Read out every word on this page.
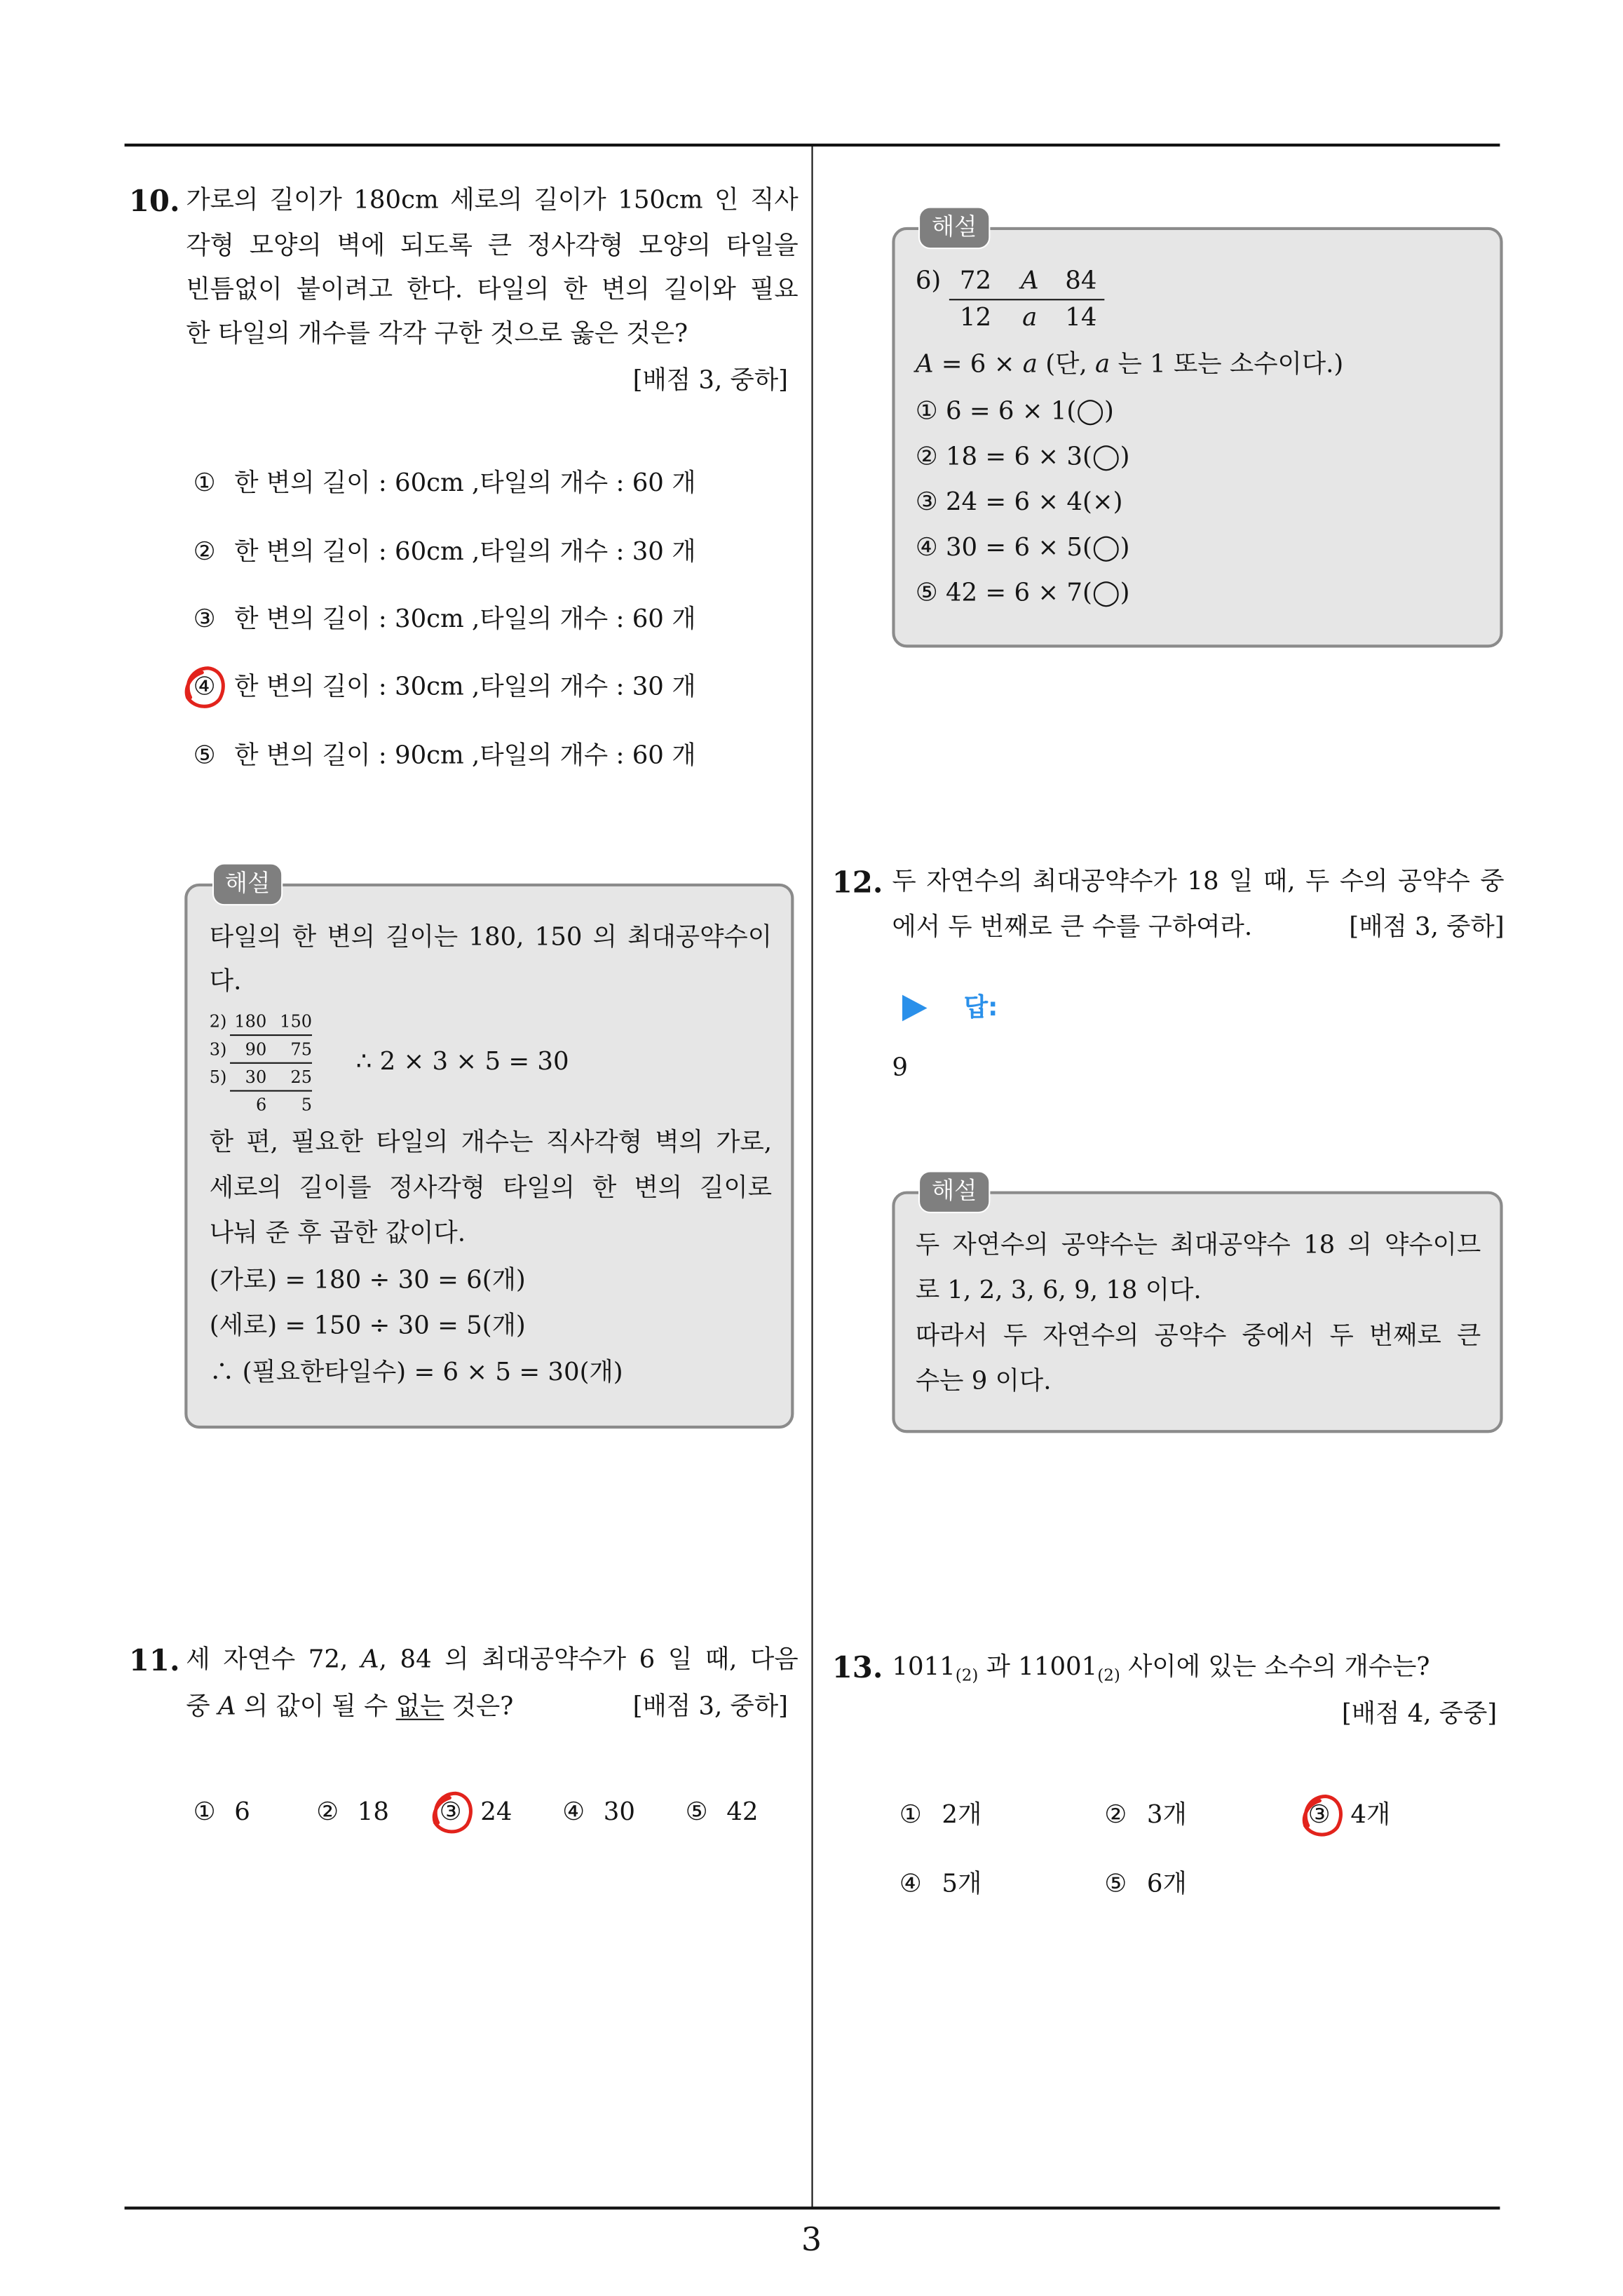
3
10. 가로의 길이가 180cm 세로의 길이가 150cm 인 직사
각형 모양의 벽에 되도록 큰 정사각형 모양의 타일을
빈틈없이 붙이려고 한다. 타일의 한 변의 길이와 필요
한 타일의 개수를 각각 구한 것으로 옳은 것은?
[배점 3, 중하]
① 한 변의 길이 : 60cm ,타일의 개수 : 60 개
② 한 변의 길이 : 60cm ,타일의 개수 : 30 개
③ 한 변의 길이 : 30cm ,타일의 개수 : 60 개
④ 한 변의 길이 : 30cm ,타일의 개수 : 30 개
⑤ 한 변의 길이 : 90cm ,타일의 개수 : 60 개
해설
타일의 한 변의 길이는 180, 150 의 최대공약수이
다.
2) 180 150
3) 90	75
5) 30	25
6	5
∴ 2 × 3 × 5 = 30
한 편, 필요한 타일의 개수는 직사각형 벽의 가로,
세로의 길이를 정사각형 타일의 한 변의 길이로
나눠 준 후 곱한 값이다.
(가로) = 180 ÷ 30 = 6(개)
(세로) = 150 ÷ 30 = 5(개)
∴ (필요한타일수) = 6 × 5 = 30(개)
11. 세 자연수 72, A, 84 의 최대공약수가 6 일 때, 다음
중 A 의 값이 될 수 없는 것은?	[배점 3, 중하]
① 6	② 18	③ 24	④ 30	⑤ 42
해설
6) 72 A 84
12	a 14
A = 6 × a (단, a 는 1 또는 소수이다.)
① 6 = 6 × 1(◯)
② 18 = 6 × 3(◯)
③ 24 = 6 × 4(×)
④ 30 = 6 × 5(◯)
⑤ 42 = 6 × 7(◯)
12. 두 자연수의 최대공약수가 18 일 때, 두 수의 공약수 중
에서 두 번째로 큰 수를 구하여라.	[배점 3, 중하]
답:
9
해설
두 자연수의 공약수는 최대공약수 18 의 약수이므
로 1, 2, 3, 6, 9, 18 이다.
따라서 두 자연수의 공약수 중에서 두 번째로 큰
수는 9 이다.
13. $1011_{(2)}$ 과 $11001_{(2)}$ 사이에 있는 소수의 개수는?
[배점 4, 중중]
① 2개	② 3개	③ 4개
④ 5개	⑤ 6개
